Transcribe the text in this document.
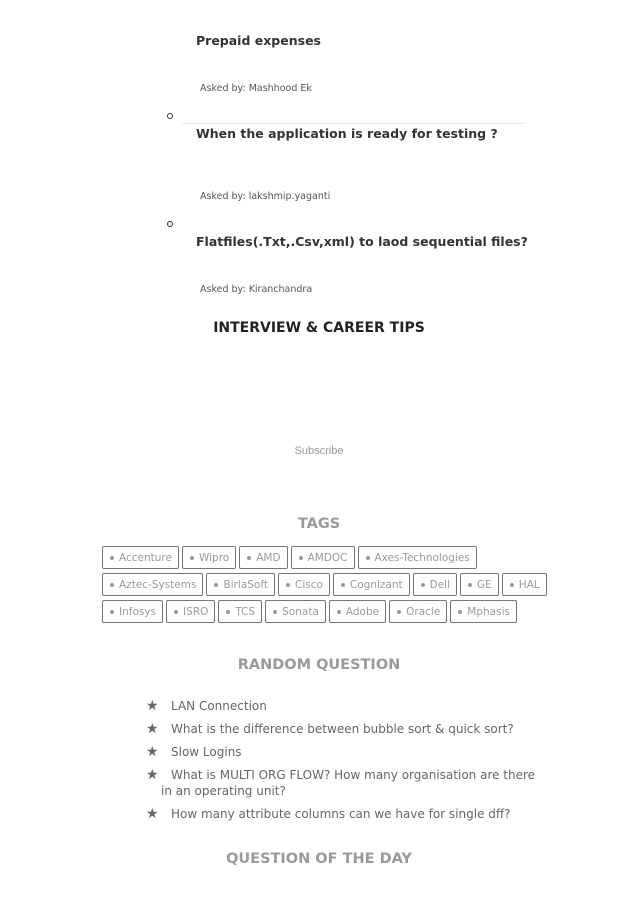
Prepaid expenses
Asked by: Mashhood Ek
When the application is ready for testing ?
Asked by: lakshmip.yaganti
Flatfiles(.Txt,.Csv,xml) to laod sequential files?
Asked by: Kiranchandra
INTERVIEW & CAREER TIPS
Subscribe
TAGS
Accenture	Wipro	AMD	AMDOC	Axes-Technologies
Aztec-Systems	BirlaSoft	Cisco	Cognizant	Dell	GE	HAL
Infosys	ISRO	TCS	Sonata	Adobe	Oracle	Mphasis
RANDOM QUESTION
★	LAN Connection
★	What is the difference between bubble sort & quick sort?
★	Slow Logins
★	What is MULTI ORG FLOW? How many organisation are there
in an operating unit?
★	How many attribute columns can we have for single dff?
QUESTION OF THE DAY
